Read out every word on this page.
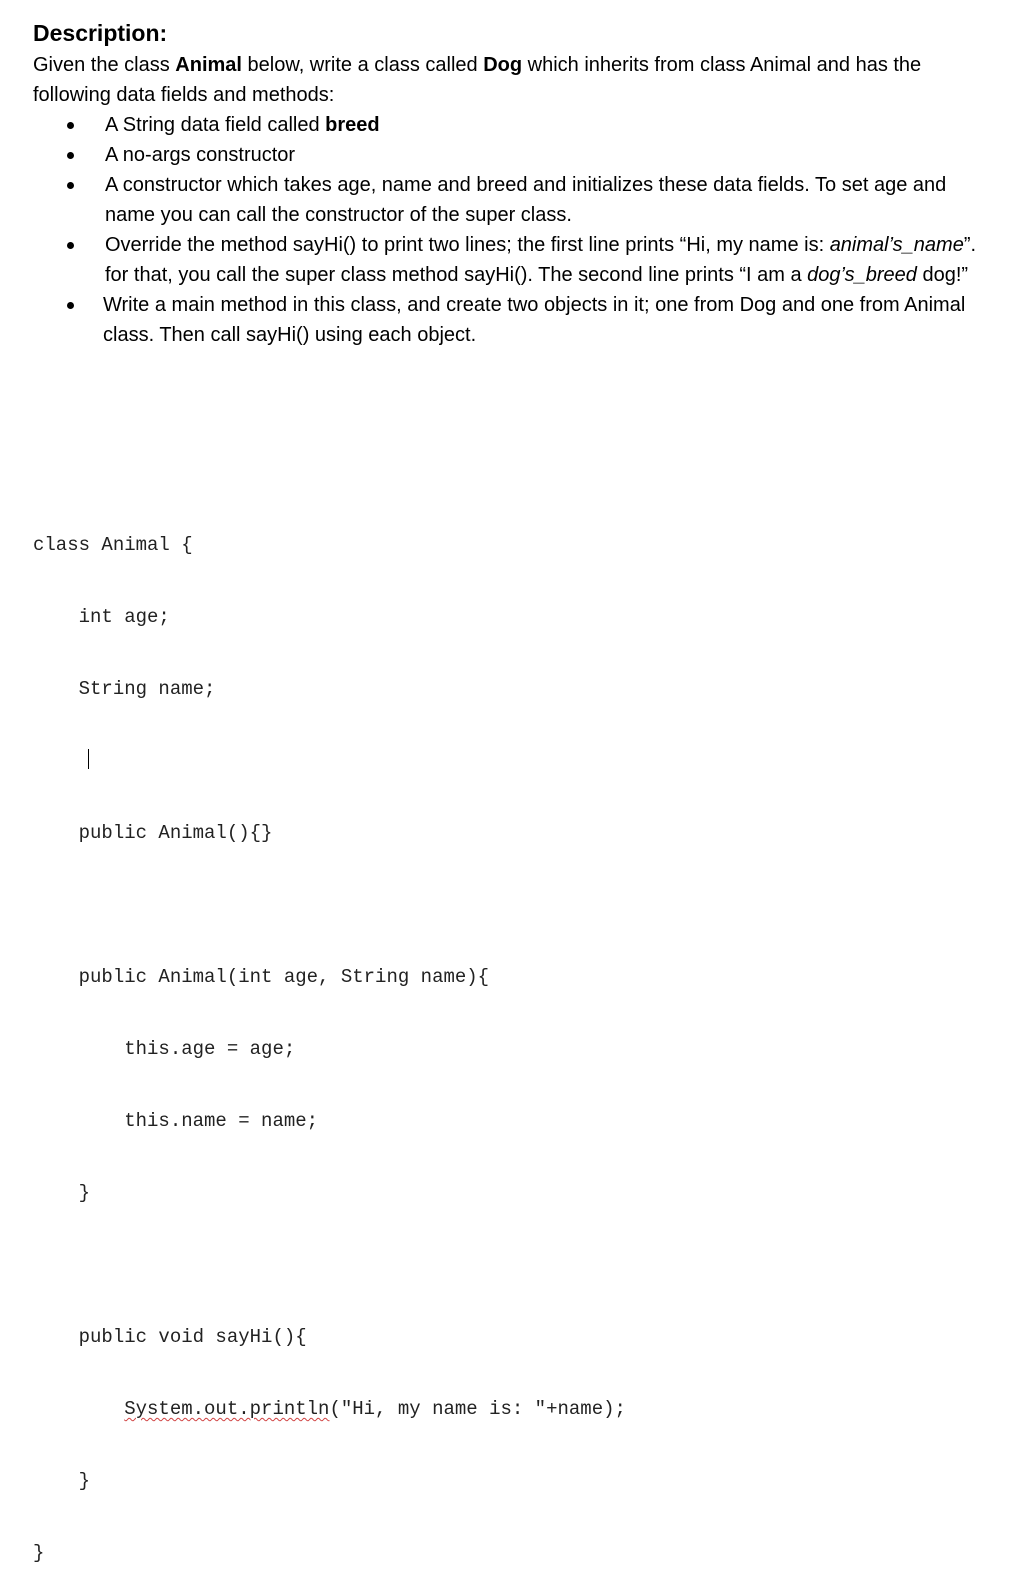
Description:

Given the class Animal below, write a class called Dog which inherits from class Animal and has the following data fields and methods:

A String data field called breed
A no-args constructor
A constructor which takes age, name and breed and initializes these data fields. To set age and name you can call the constructor of the super class.
Override the method sayHi() to print two lines; the first line prints “Hi, my name is: animal’s_name”. for that, you call the super class method sayHi(). The second line prints “I am a dog’s_breed dog!”
Write a main method in this class, and create two objects in it; one from Dog and one from Animal class. Then call sayHi() using each object.

class Animal {

int age;

String name;

public Animal(){}

public Animal(int age, String name){

this.age = age;

this.name = name;

}

public void sayHi(){

System.out.println("Hi, my name is: "+name);

}

}
